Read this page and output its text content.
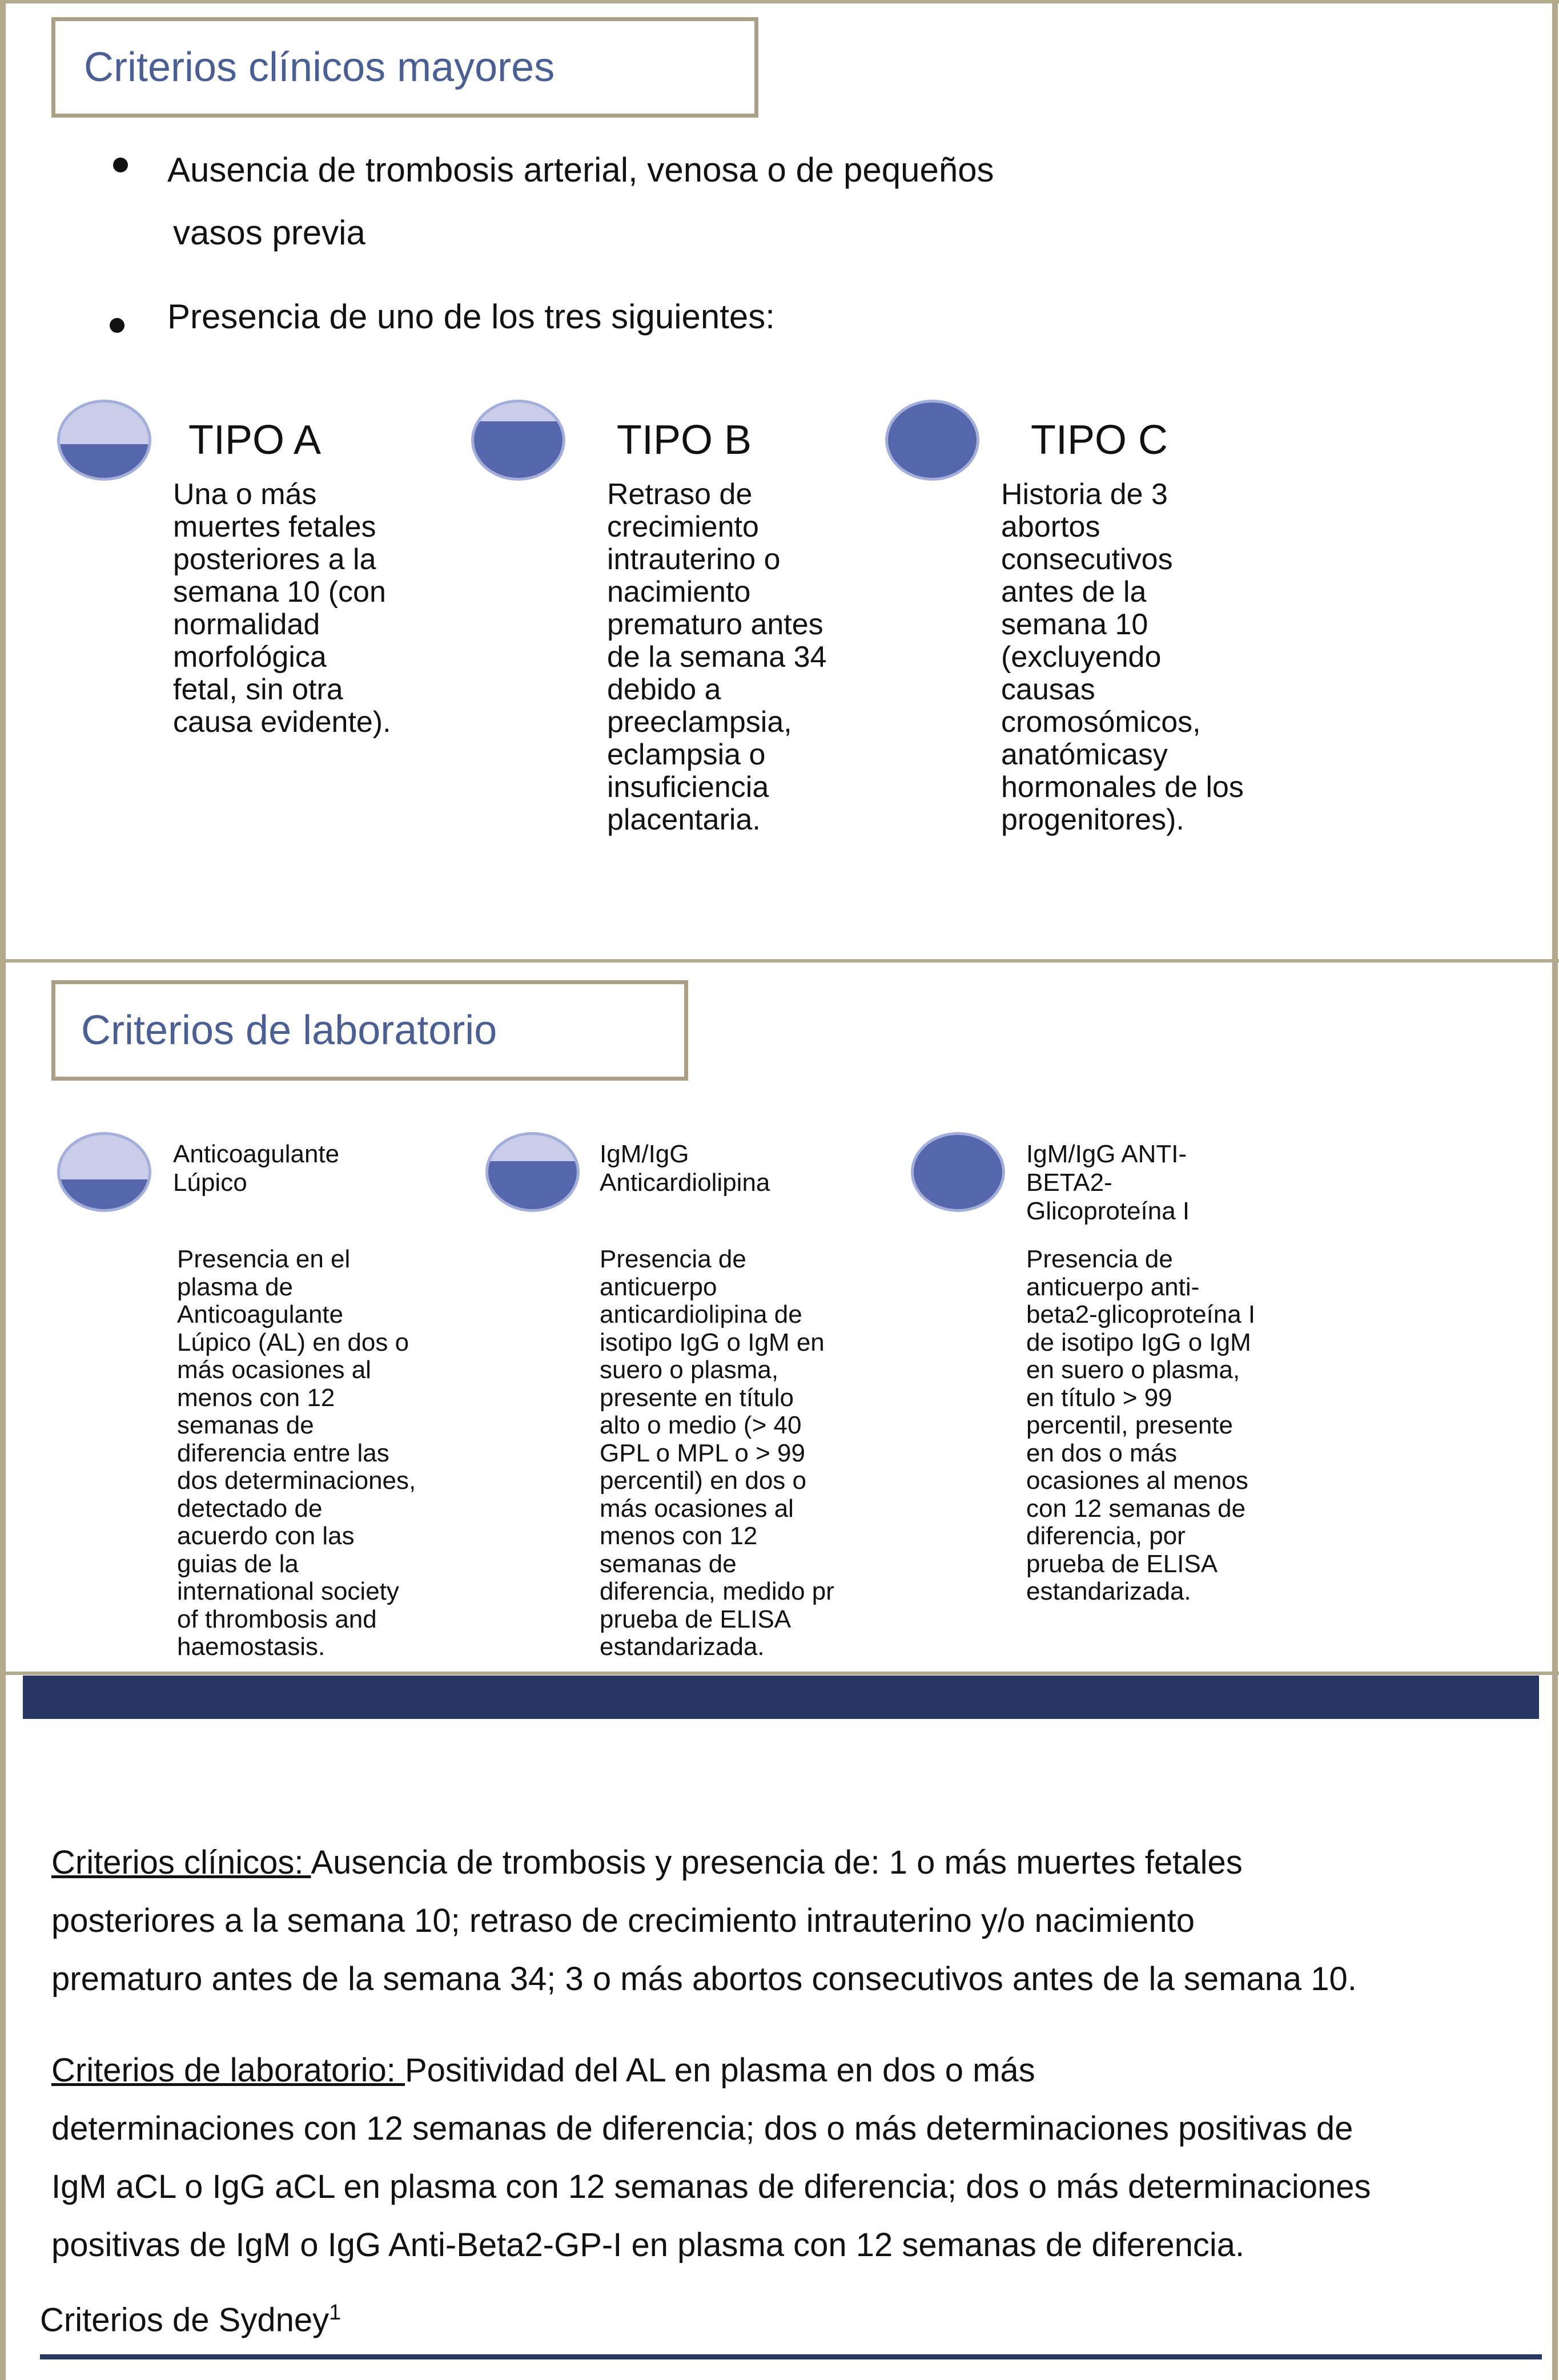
Criterios clínicos mayores
Ausencia de trombosis arterial, venosa o de pequeños
vasos previa
Presencia de uno de los tres siguientes:
TIPO A
Una o más
muertes fetales
posteriores a la
semana 10 (con
normalidad
morfológica
fetal, sin otra
causa evidente).
TIPO B
Retraso de
crecimiento
intrauterino o
nacimiento
prematuro antes
de la semana 34
debido a
preeclampsia,
eclampsia o
insuficiencia
placentaria.
TIPO C
Historia de 3
abortos
consecutivos
antes de la
semana 10
(excluyendo
causas
cromosómicos,
anatómicasy
hormonales de los
progenitores).
Criterios de laboratorio
Anticoagulante
Lúpico
Presencia en el
plasma de
Anticoagulante
Lúpico (AL) en dos o
más ocasiones al
menos con 12
semanas de
diferencia entre las
dos determinaciones,
detectado de
acuerdo con las
guias de la
international society
of thrombosis and
haemostasis.
IgM/IgG
Anticardiolipina
Presencia de
anticuerpo
anticardiolipina de
isotipo IgG o IgM en
suero o plasma,
presente en título
alto o medio (> 40
GPL o MPL o > 99
percentil) en dos o
más ocasiones al
menos con 12
semanas de
diferencia, medido pr
prueba de ELISA
estandarizada.
IgM/IgG ANTI-
BETA2-
Glicoproteína I
Presencia de
anticuerpo anti-
beta2-glicoproteína I
de isotipo IgG o IgM
en suero o plasma,
en título > 99
percentil, presente
en dos o más
ocasiones al menos
con 12 semanas de
diferencia, por
prueba de ELISA
estandarizada.
Criterios clínicos: Ausencia de trombosis y presencia de: 1 o más muertes fetales
posteriores a la semana 10; retraso de crecimiento intrauterino y/o nacimiento
prematuro antes de la semana 34; 3 o más abortos consecutivos antes de la semana 10.
Criterios de laboratorio: Positividad del AL en plasma en dos o más
determinaciones con 12 semanas de diferencia; dos o más determinaciones positivas de
IgM aCL o IgG aCL en plasma con 12 semanas de diferencia; dos o más determinaciones
positivas de IgM o IgG Anti-Beta2-GP-I en plasma con 12 semanas de diferencia.
Criterios de Sydney$^1$
